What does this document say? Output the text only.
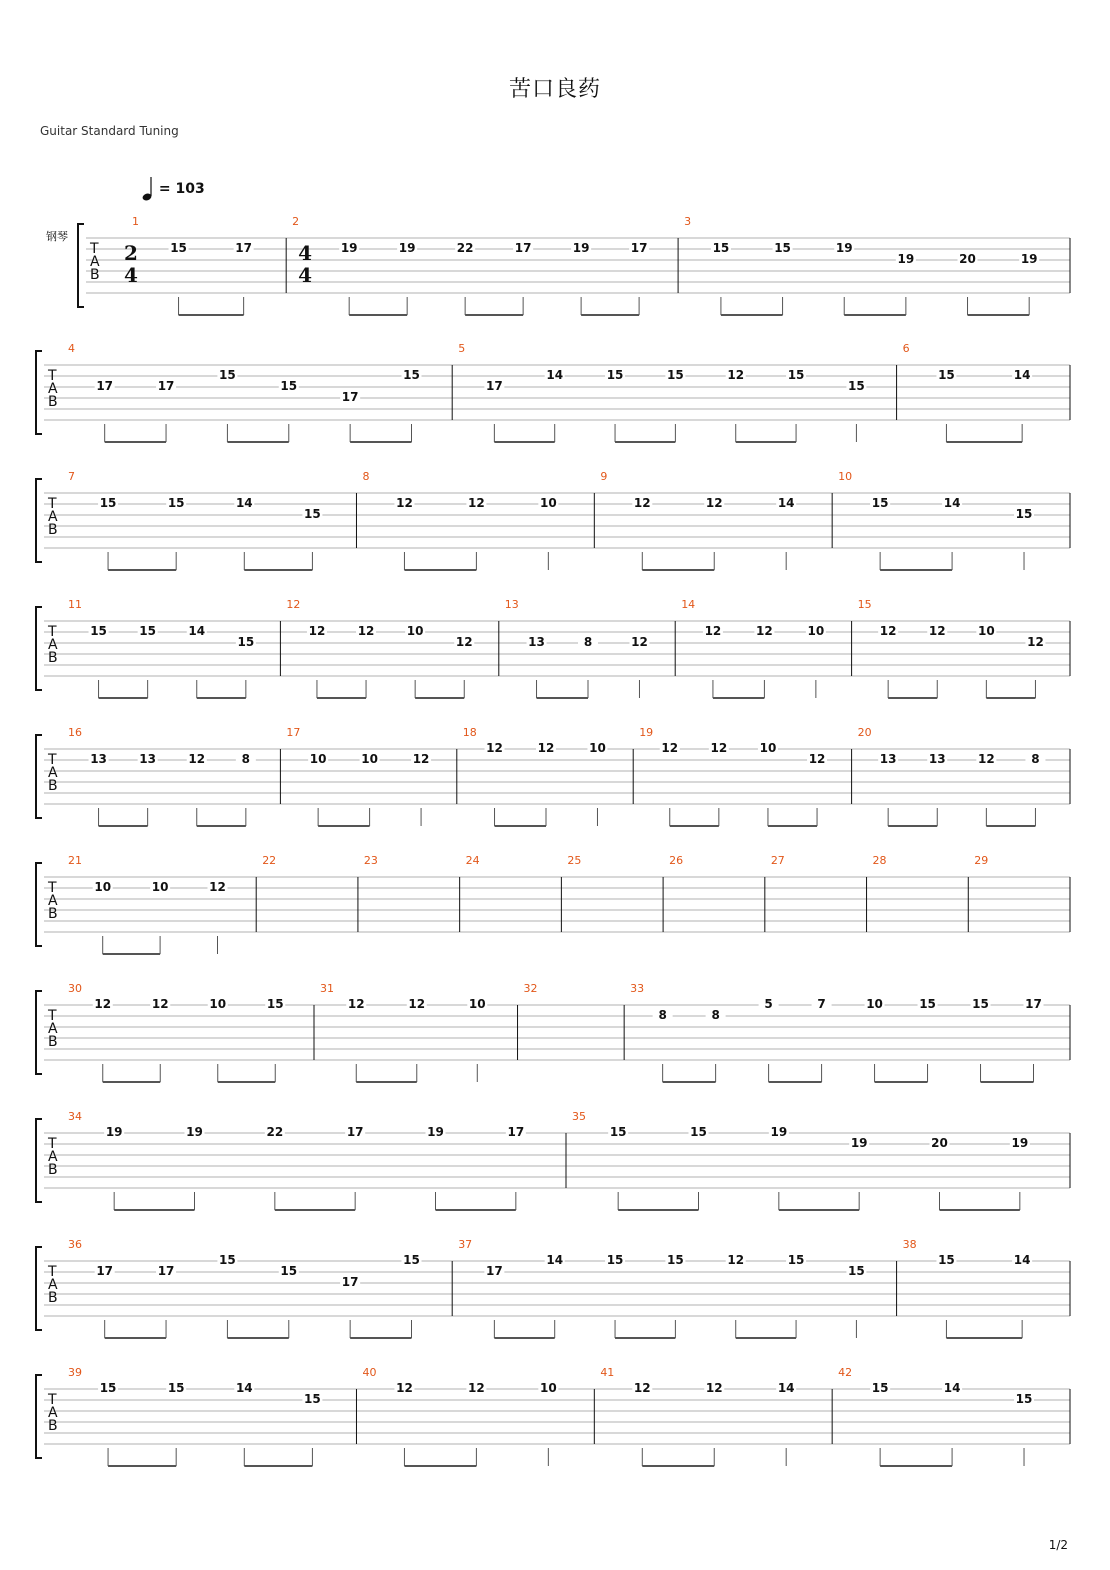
苦口良药
Guitar Standard Tuning
= 103
钢琴
1/2
T
A
B
1
2
4
15	17
2
4
4
19	19	22	17	19	17
3
15	15	19
19	20	19
T
A
B
4
17	17
15
15
17
15
5
17
14	15	15	12	15
15
6
15	14
T
A
B
7
15	15	14
15
8
12	12	10
9
12	12	14
10
15	14
15
T
A
B
11
15	15	14
15
12
12	12	10
12
13
13	8	12
14
12	12	10
15
12	12	10
12
T
A
B
16
13	13	12	8
17
10	10	12
18
12	12	10
19
12	12	10
12
20
13	13	12	8
T
A
B
21
10	10	12
22	23	24	25	26	27	28	29
T
A
B
30
12	12	10	15
31
12	12	10
32	33
8	8
5	7	10	15	15	17
T
A
B
34
19	19	22	17	19	17
35
15	15	19
19	20	19
T
A
B
36
17	17
15
15
17
15
37
17
14	15	15	12	15
15
38
15	14
T
A
B
39
15	15	14
15
40
12	12	10
41
12	12	14
42
15	14
15
